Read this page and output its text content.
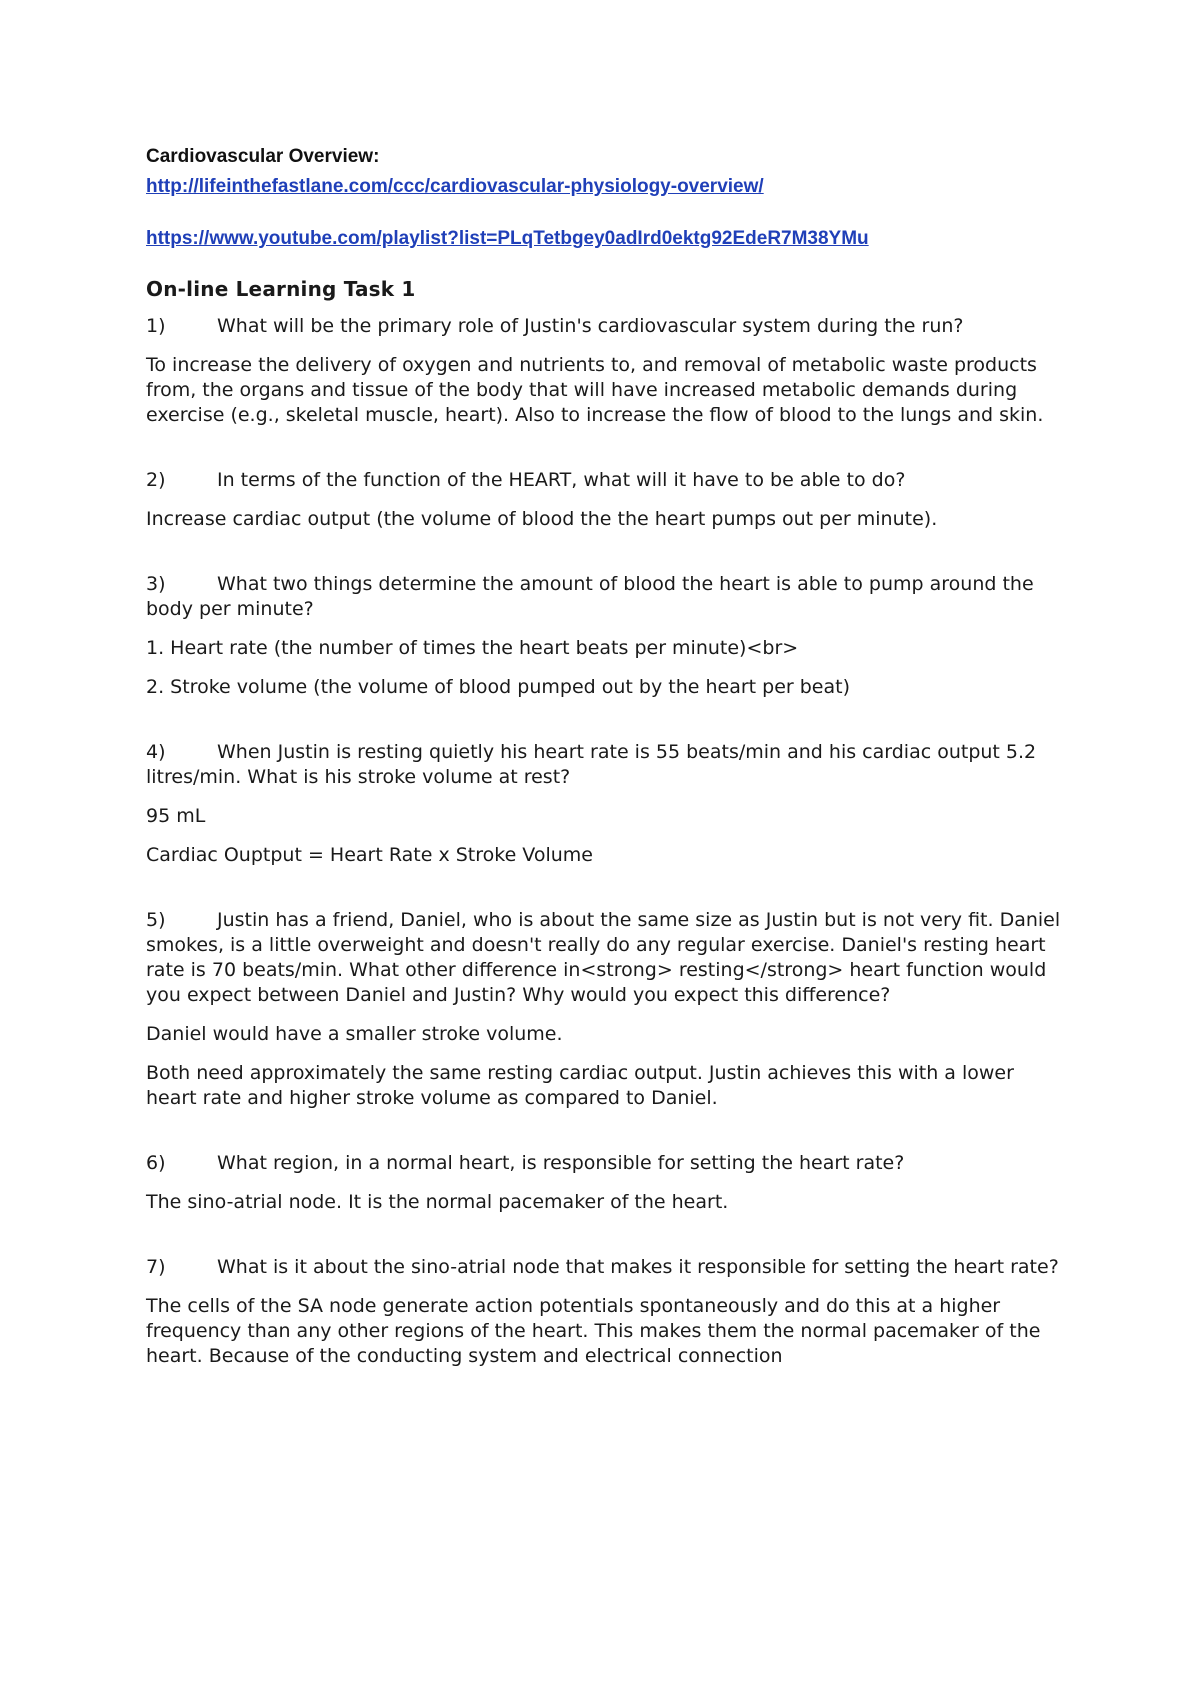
Cardiovascular Overview:

http://lifeinthefastlane.com/ccc/cardiovascular-physiology-overview/
https://www.youtube.com/playlist?list=PLqTetbgey0adIrd0ektg92EdeR7M38YMu
On-line Learning Task 1

1)	What will be the primary role of Justin's cardiovascular system during the run?

To increase the delivery of oxygen and nutrients to, and removal of metabolic waste products from, the organs and tissue of the body that will have increased metabolic demands during exercise (e.g., skeletal muscle, heart). Also to increase the flow of blood to the lungs and skin.

2)	In terms of the function of the HEART, what will it have to be able to do?

Increase cardiac output (the volume of blood the the heart pumps out per minute).

3)	What two things determine the amount of blood the heart is able to pump around the body per minute?

1. Heart rate (the number of times the heart beats per minute)<br>

2. Stroke volume (the volume of blood pumped out by the heart per beat)

4)	When Justin is resting quietly his heart rate is 55 beats/min and his cardiac output 5.2 litres/min. What is his stroke volume at rest?

95 mL

Cardiac Ouptput = Heart Rate x Stroke Volume

5)	Justin has a friend, Daniel, who is about the same size as Justin but is not very fit. Daniel smokes, is a little overweight and doesn't really do any regular exercise. Daniel's resting heart rate is 70 beats/min. What other difference in<strong> resting</strong> heart function would you expect between Daniel and Justin? Why would you expect this difference?

Daniel would have a smaller stroke volume.

Both need approximately the same resting cardiac output. Justin achieves this with a lower heart rate and higher stroke volume as compared to Daniel.

6)	What region, in a normal heart, is responsible for setting the heart rate?

The sino-atrial node. It is the normal pacemaker of the heart.

7)	What is it about the sino-atrial node that makes it responsible for setting the heart rate?

The cells of the SA node generate action potentials spontaneously and do this at a higher frequency than any other regions of the heart. This makes them the normal pacemaker of the heart. Because of the conducting system and electrical connection
